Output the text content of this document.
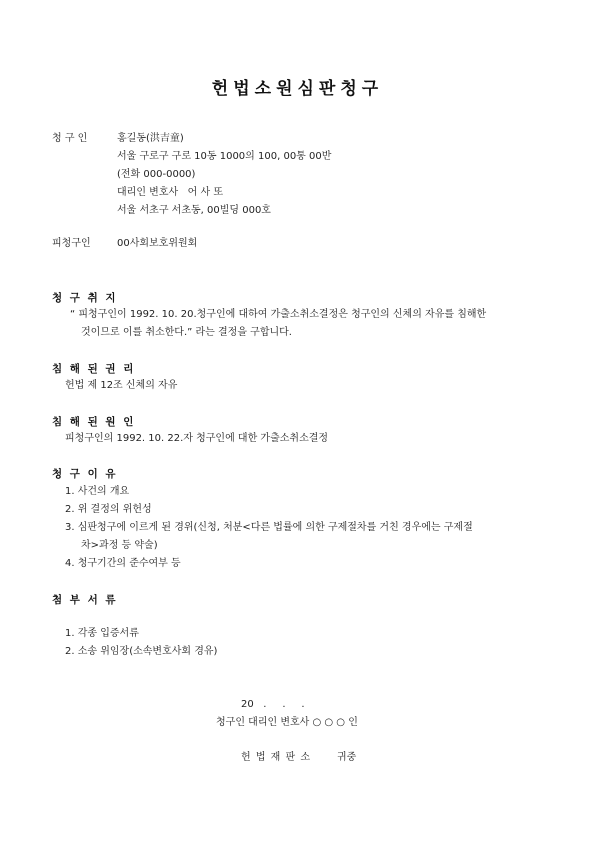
헌법소원심판청구
청 구 인	홍길동(洪吉童)
서울 구로구 구로 10동 1000의 100, 00통 00반
(전화 000-0000)
대리인 변호사   어 사 또
서울 서초구 서초동, 00빌딩 000호
피청구인	00사회보호위원회
청 구 취 지
“ 피청구인이 1992. 10. 20.청구인에 대하여 가출소취소결정은 청구인의 신체의 자유를 침해한
것이므로 이를 취소한다.” 라는 결정을 구합니다.
침 해 된 권 리
헌법 제 12조 신체의 자유
침 해 된 원 인
피청구인의 1992. 10. 22.자 청구인에 대한 가출소취소결정
청 구 이 유
1. 사건의 개요
2. 위 결정의 위헌성
3. 심판청구에 이르게 된 경위(신청, 처분<다른 법률에 의한 구제절차를 거친 경우에는 구제절
차>과정 등 약술)
4. 청구기간의 준수여부 등
첨 부 서 류
1. 각종 입증서류
2. 소송 위임장(소속변호사회 경유)
20   .     .     .
청구인 대리인 변호사 ○ ○ ○ 인
헌 법 재 판 소	귀중
